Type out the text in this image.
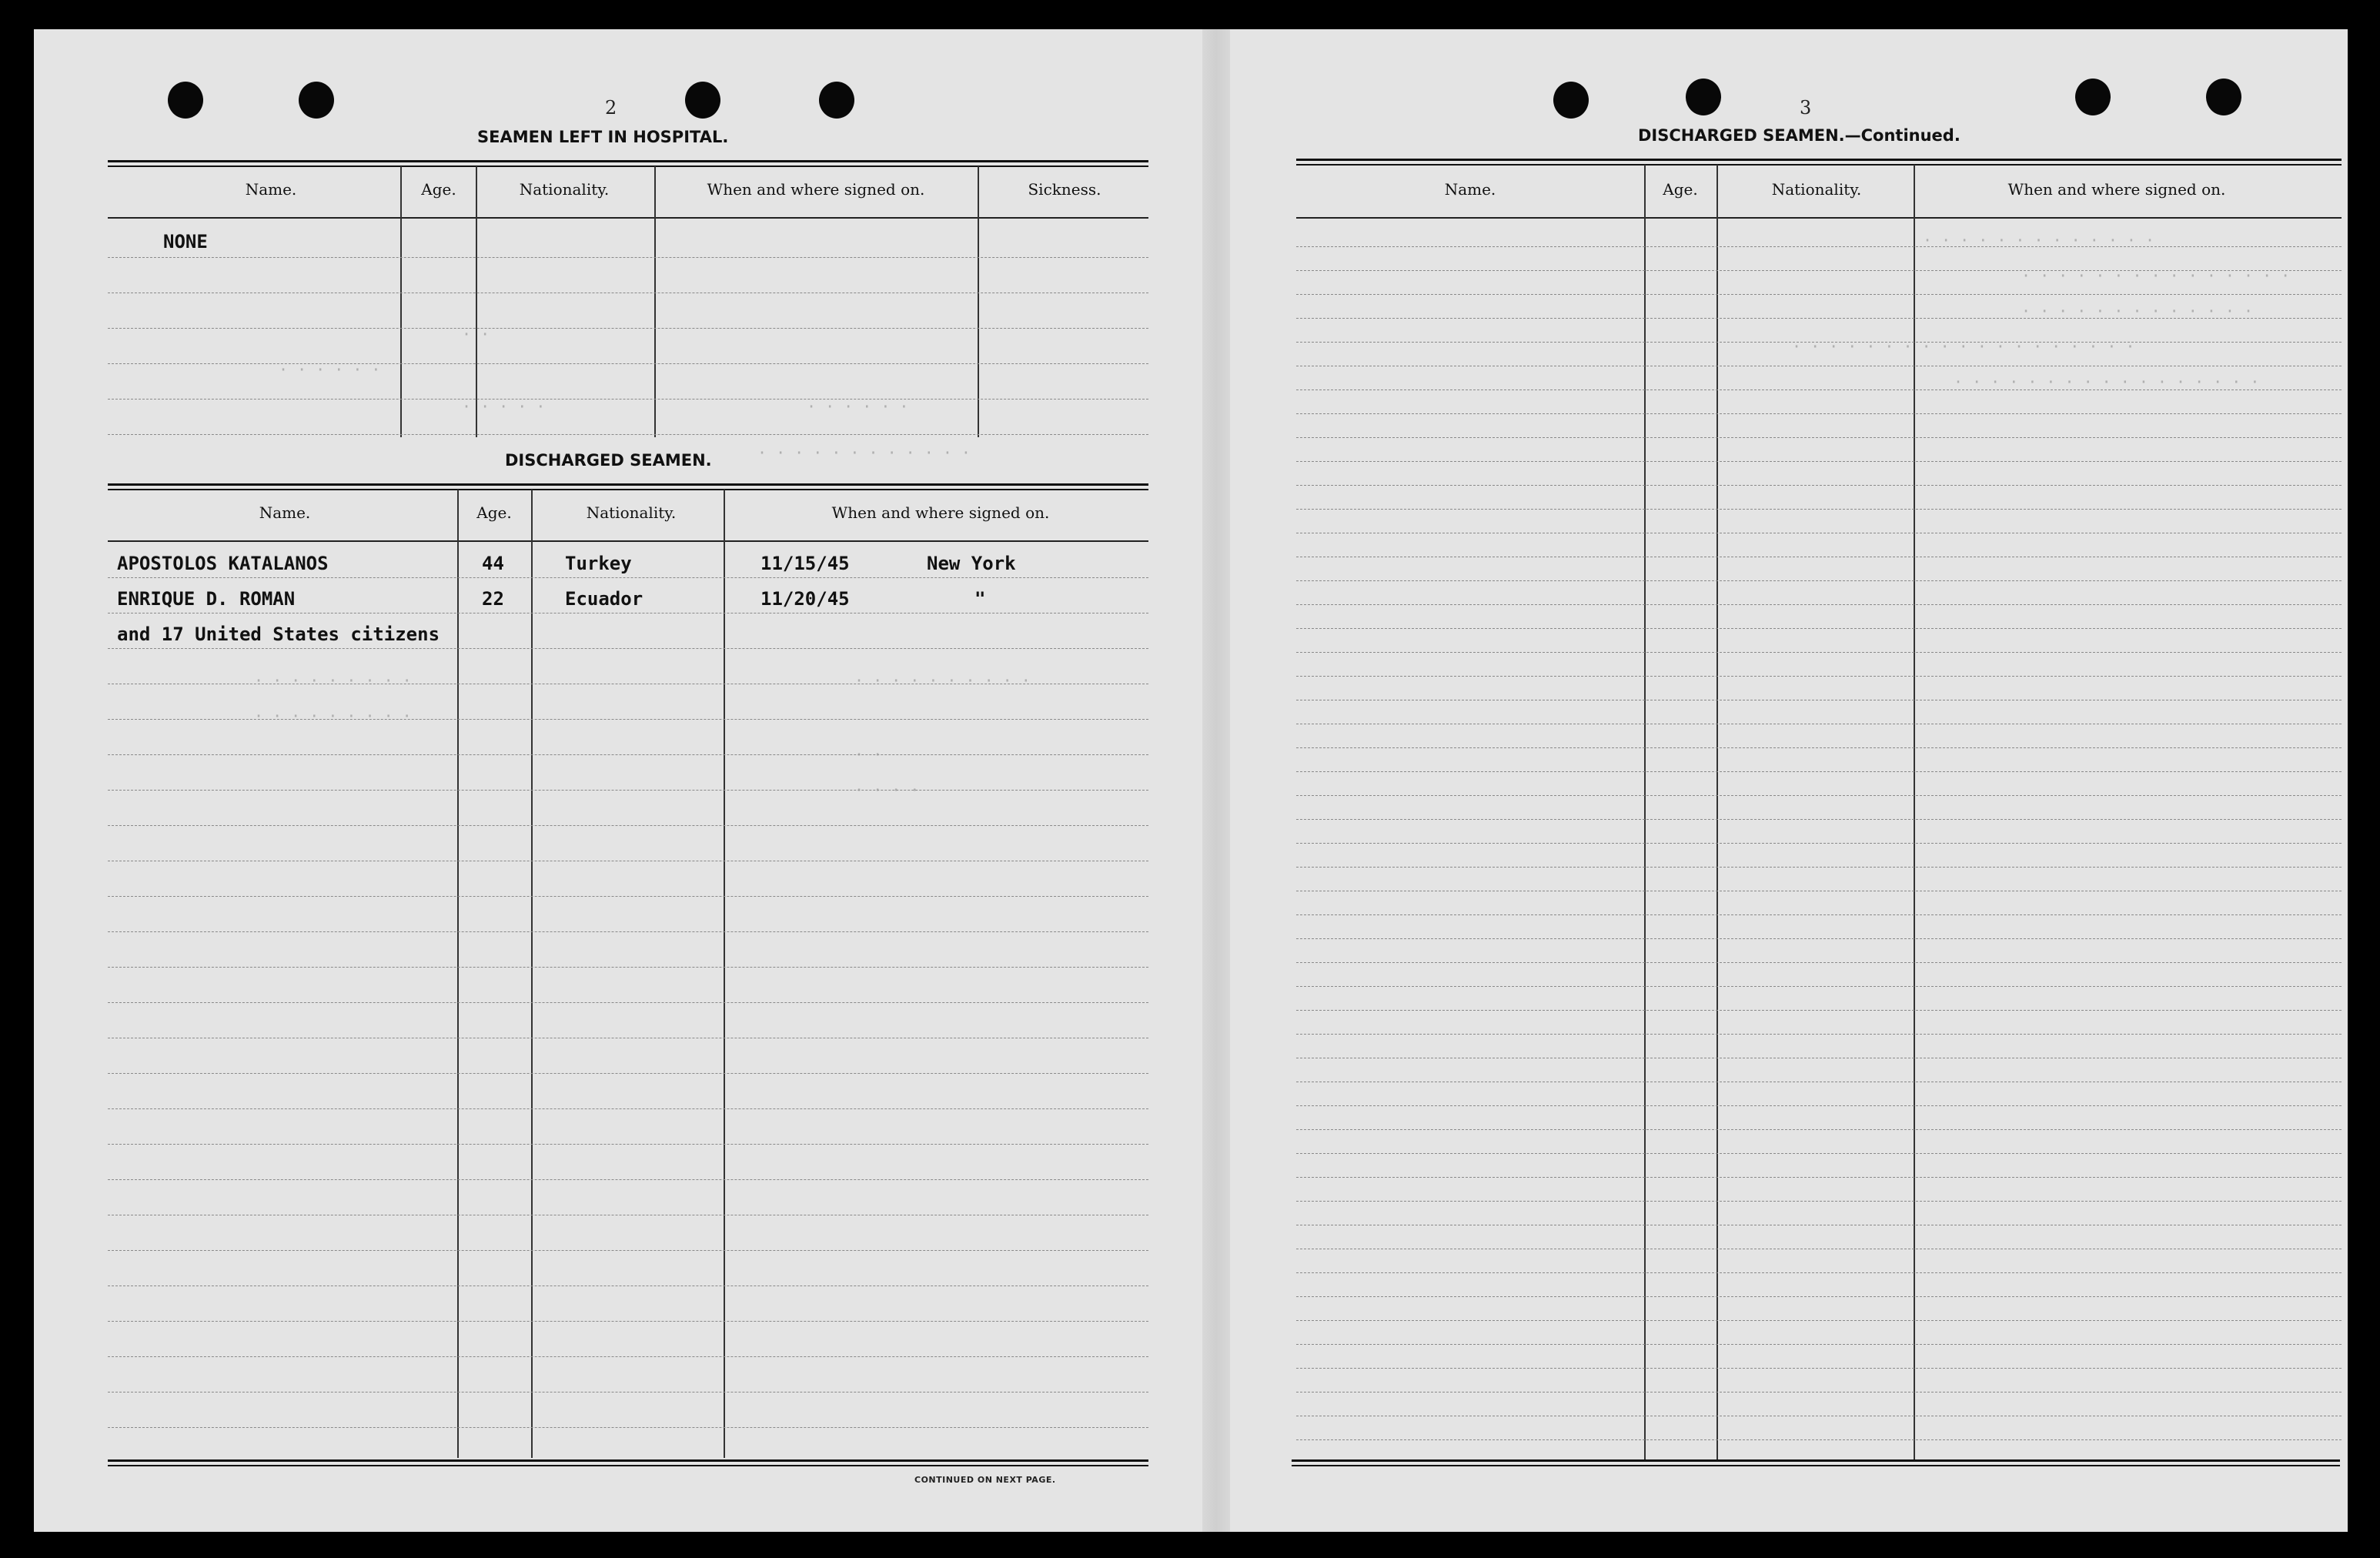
2
SEAMEN LEFT IN HOSPITAL.
Name.	Age.	Nationality.	When and where signed on.	Sickness.
NONE
· · · · · ·
· ·
· · · · ·	· · · · · ·
· · · · · · · · · · · ·
DISCHARGED SEAMEN.
Name.	Age.	Nationality.	When and where signed on.
APOSTOLOS KATALANOS	44	Turkey	11/15/45	New York
ENRIQUE D. ROMAN	22	Ecuador	11/20/45	"
and 17 United States citizens
· · · · · · · · ·
· · · · · · · · ·
· · · · · · · · · ·
· ·
· · · ·
CONTINUED ON NEXT PAGE.
3
DISCHARGED SEAMEN.—Continued.
Name.	Age.	Nationality.	When and where signed on.
· · · · · · · · · · · · ·
· · · · · · · · · · · · · · ·
· · · · · · · · · · · · ·
· · · · · · · · · · · · · · · · · · ·
· · · · · · · · · · · · · · · · ·
